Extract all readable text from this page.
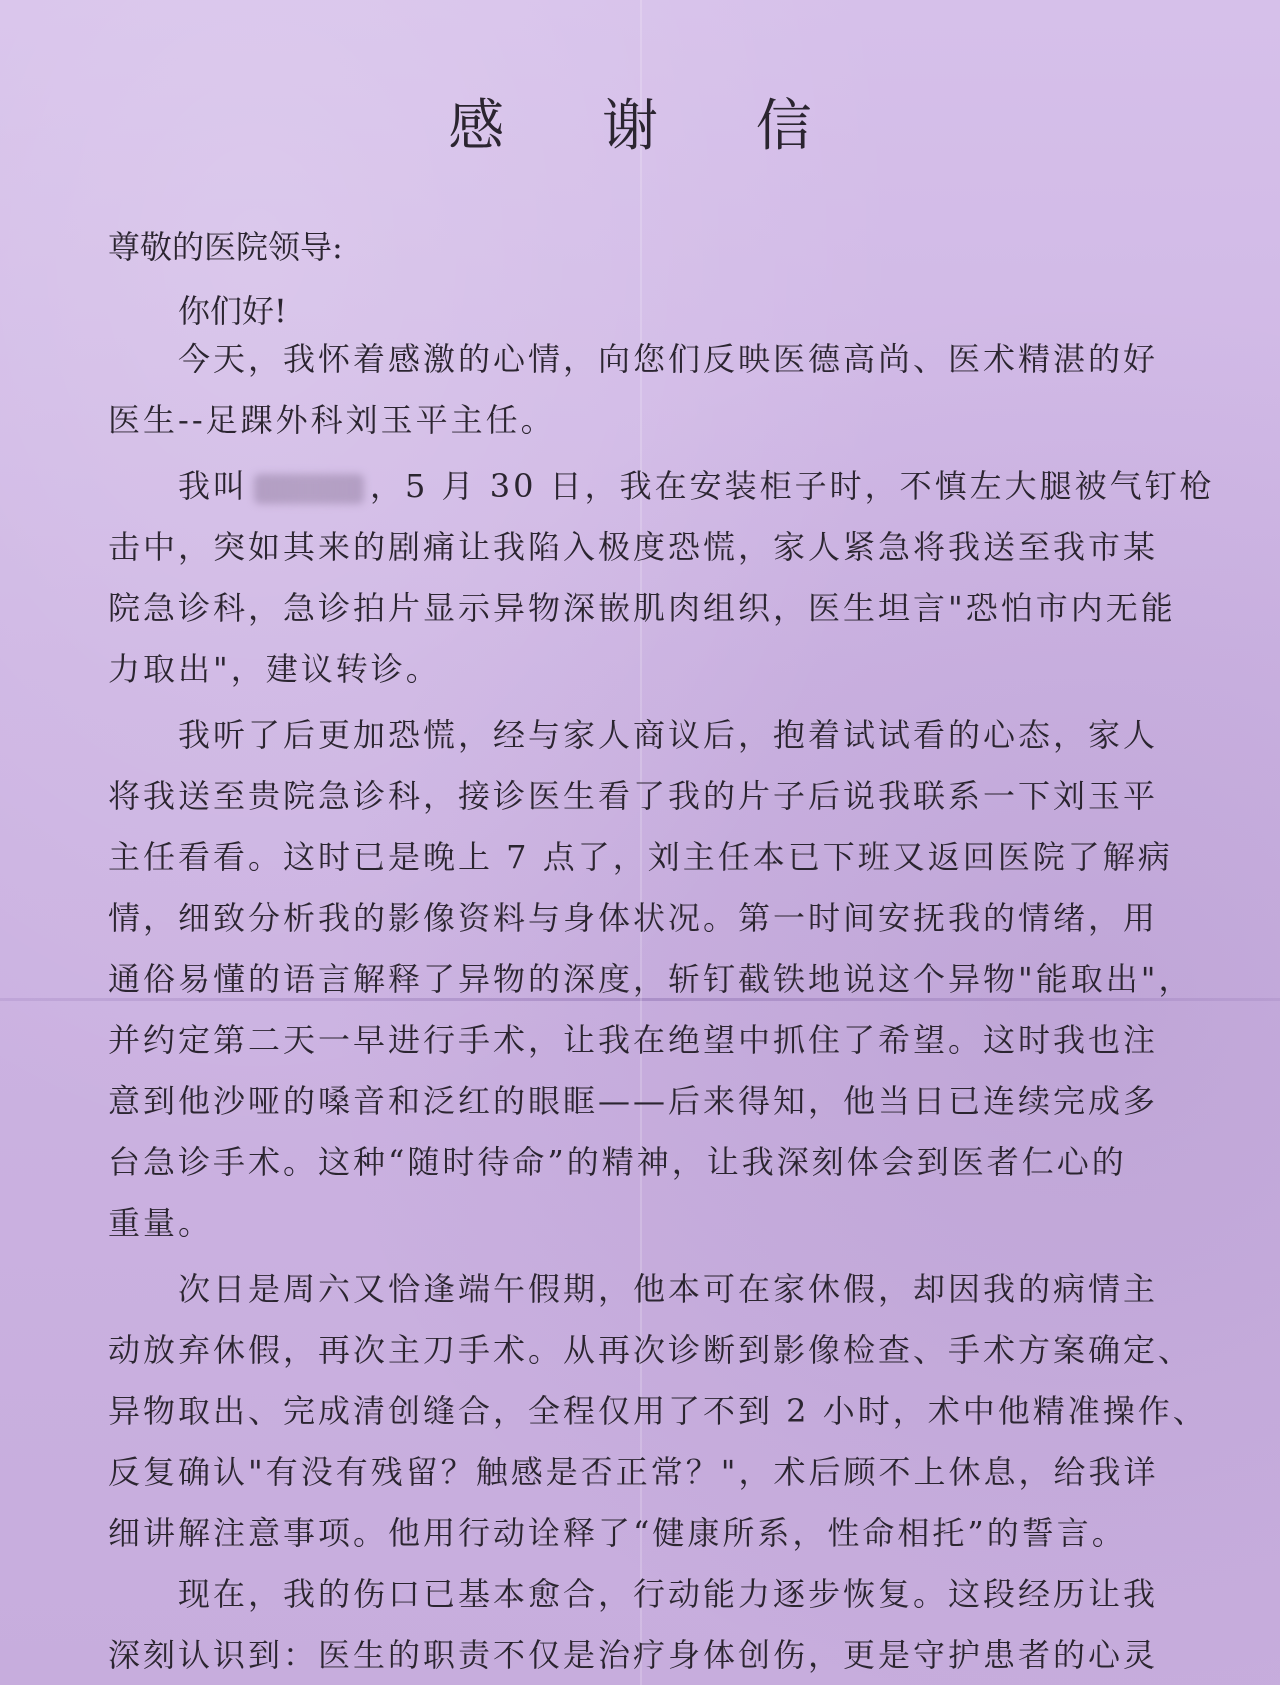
感 谢 信
尊敬的医院领导:
你们好!
今天，我怀着感激的心情，向您们反映医德高尚、医术精湛的好
医生--足踝外科刘玉平主任。
我叫	，5 月 30 日，我在安装柜子时，不慎左大腿被气钉枪
击中，突如其来的剧痛让我陷入极度恐慌，家人紧急将我送至我市某
院急诊科，急诊拍片显示异物深嵌肌肉组织，医生坦言"恐怕市内无能
力取出"，建议转诊。
我听了后更加恐慌，经与家人商议后，抱着试试看的心态，家人
将我送至贵院急诊科，接诊医生看了我的片子后说我联系一下刘玉平
主任看看。这时已是晚上 7 点了，刘主任本已下班又返回医院了解病
情，细致分析我的影像资料与身体状况。第一时间安抚我的情绪，用
通俗易懂的语言解释了异物的深度，斩钉截铁地说这个异物"能取出"，
并约定第二天一早进行手术，让我在绝望中抓住了希望。这时我也注
意到他沙哑的嗓音和泛红的眼眶——后来得知，他当日已连续完成多
台急诊手术。这种“随时待命”的精神，让我深刻体会到医者仁心的
重量。
次日是周六又恰逢端午假期，他本可在家休假，却因我的病情主
动放弃休假，再次主刀手术。从再次诊断到影像检查、手术方案确定、
异物取出、完成清创缝合，全程仅用了不到 2 小时，术中他精准操作、
反复确认"有没有残留？触感是否正常？"，术后顾不上休息，给我详
细讲解注意事项。他用行动诠释了“健康所系，性命相托”的誓言。
现在，我的伤口已基本愈合，行动能力逐步恢复。这段经历让我
深刻认识到：医生的职责不仅是治疗身体创伤，更是守护患者的心灵
